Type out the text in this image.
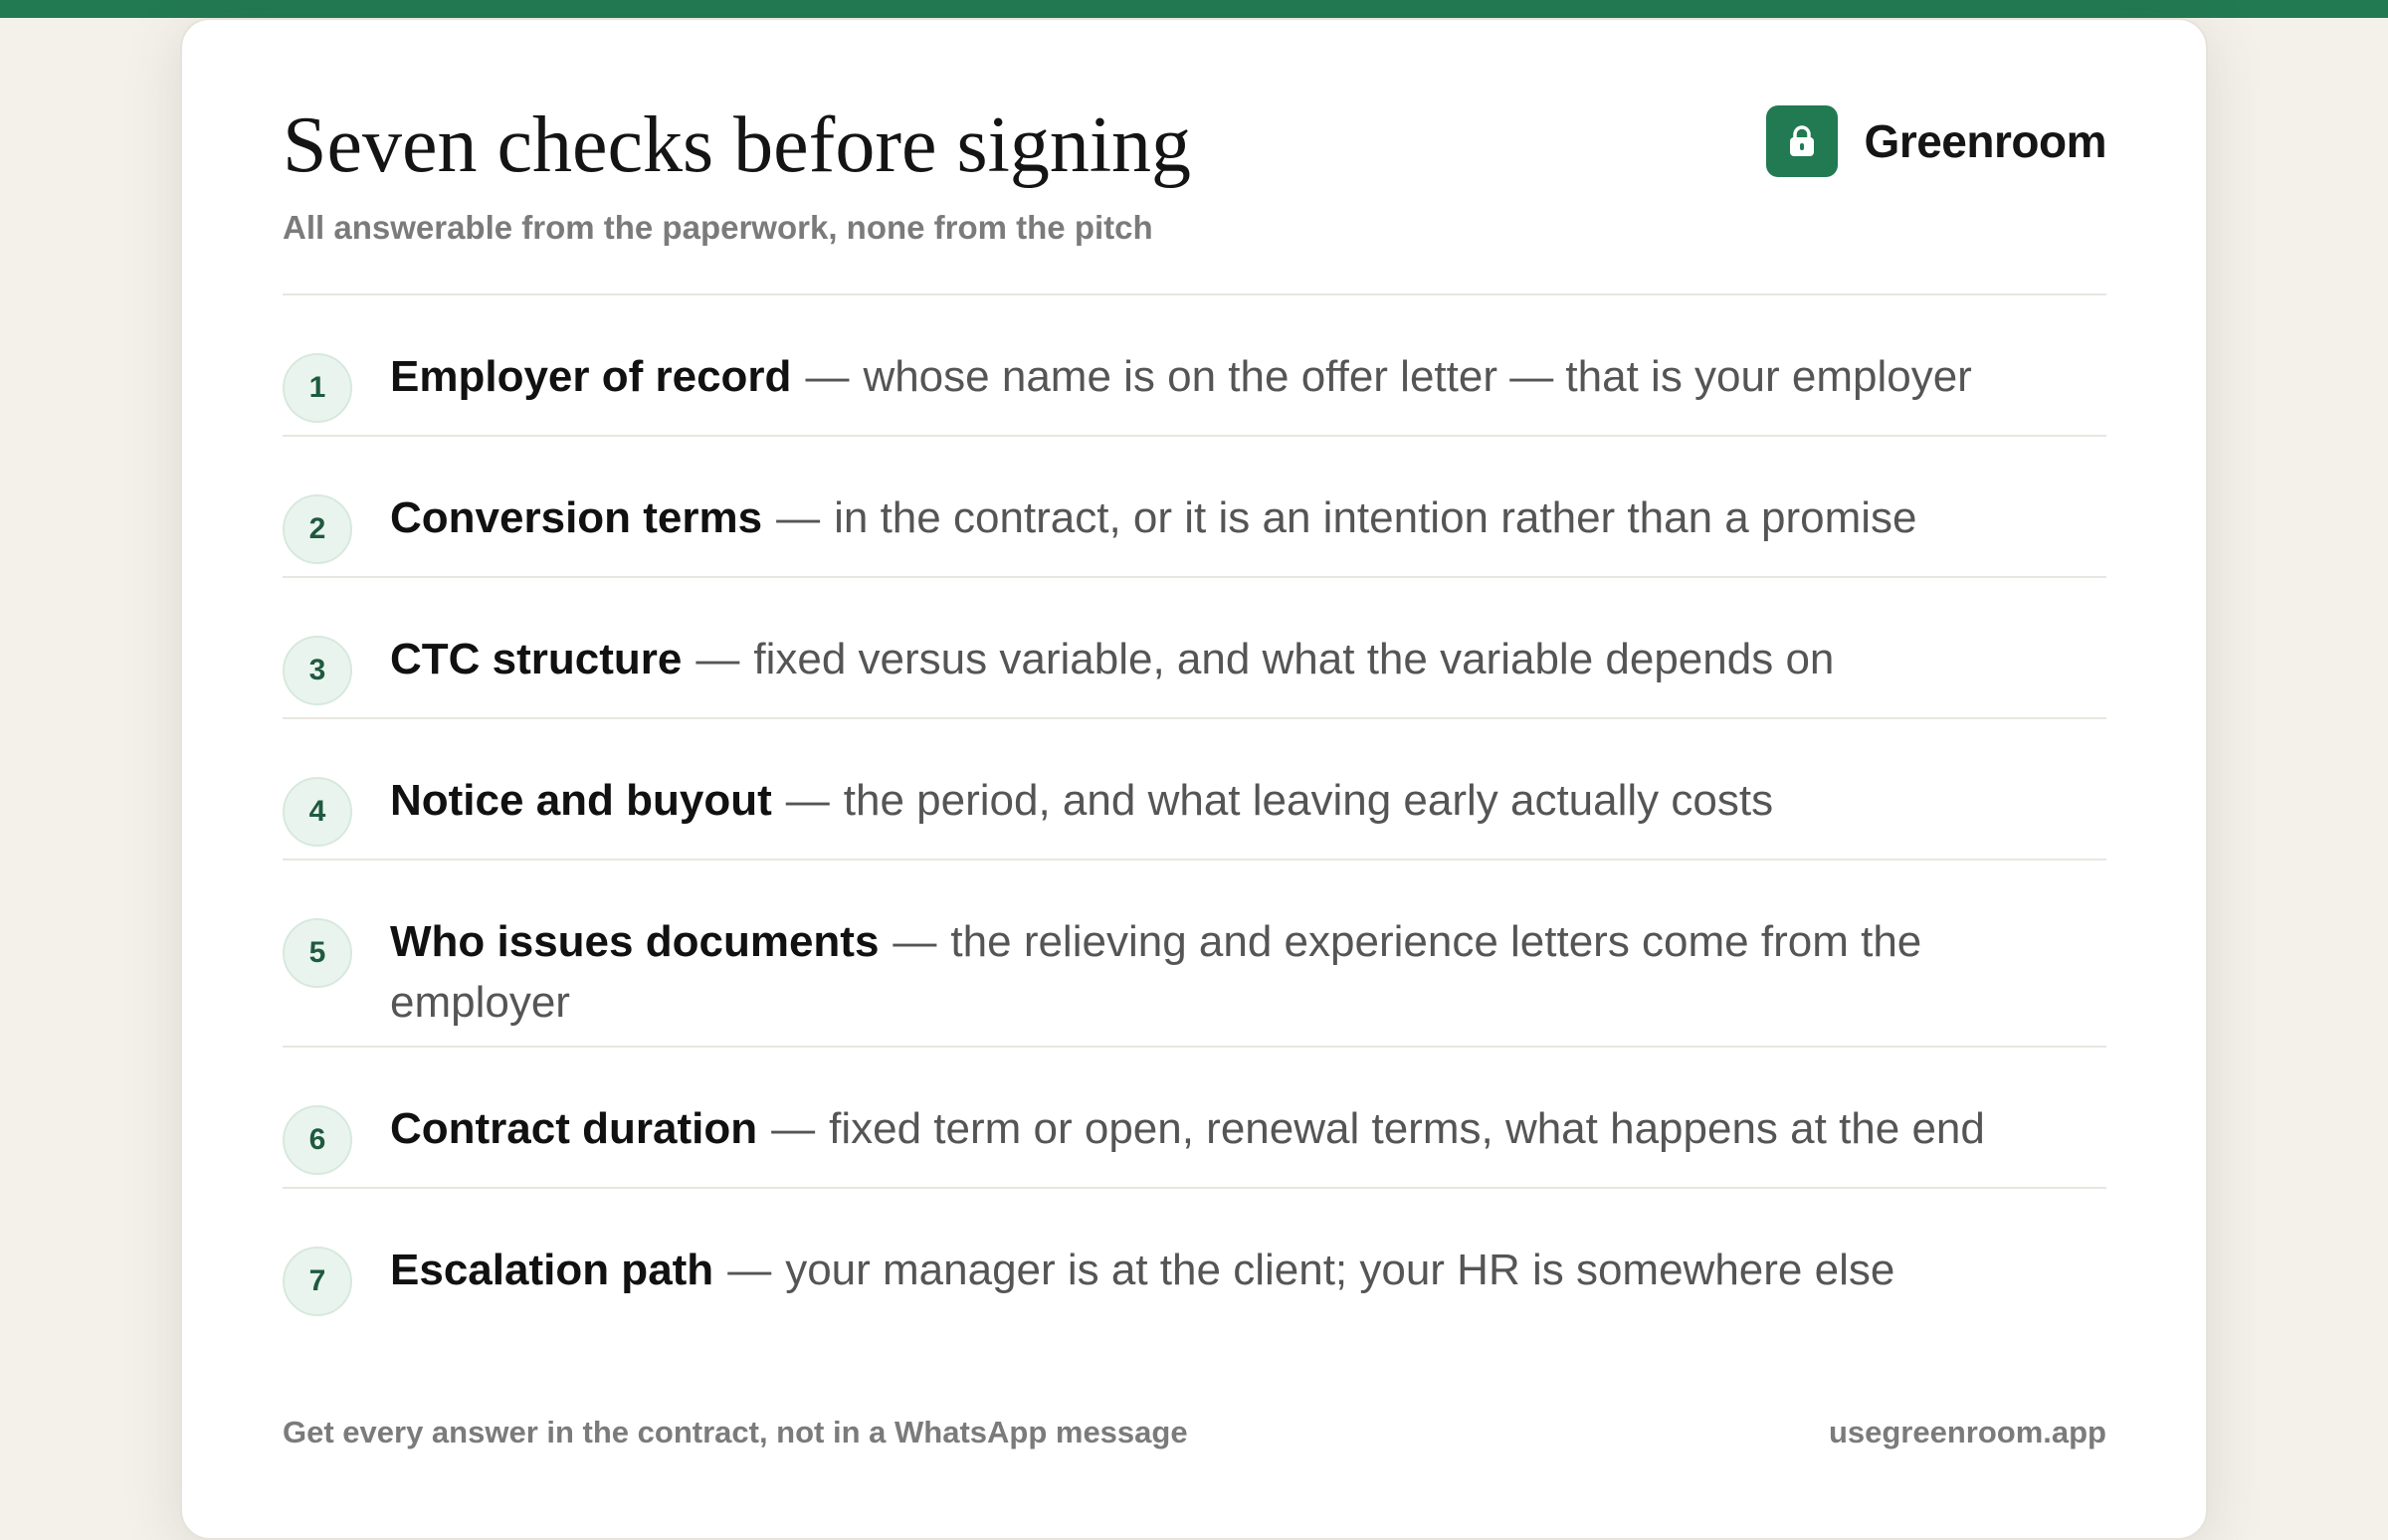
Seven checks before signing

All answerable from the paperwork, none from the pitch

Greenroom
1	Employer of record — whose name is on the offer letter — that is your employer
2	Conversion terms — in the contract, or it is an intention rather than a promise
3	CTC structure — fixed versus variable, and what the variable depends on
4	Notice and buyout — the period, and what leaving early actually costs
5	Who issues documents — the relieving and experience letters come from the employer
6	Contract duration — fixed term or open, renewal terms, what happens at the end
7	Escalation path — your manager is at the client; your HR is somewhere else
Get every answer in the contract, not in a WhatsApp message	usegreenroom.app
